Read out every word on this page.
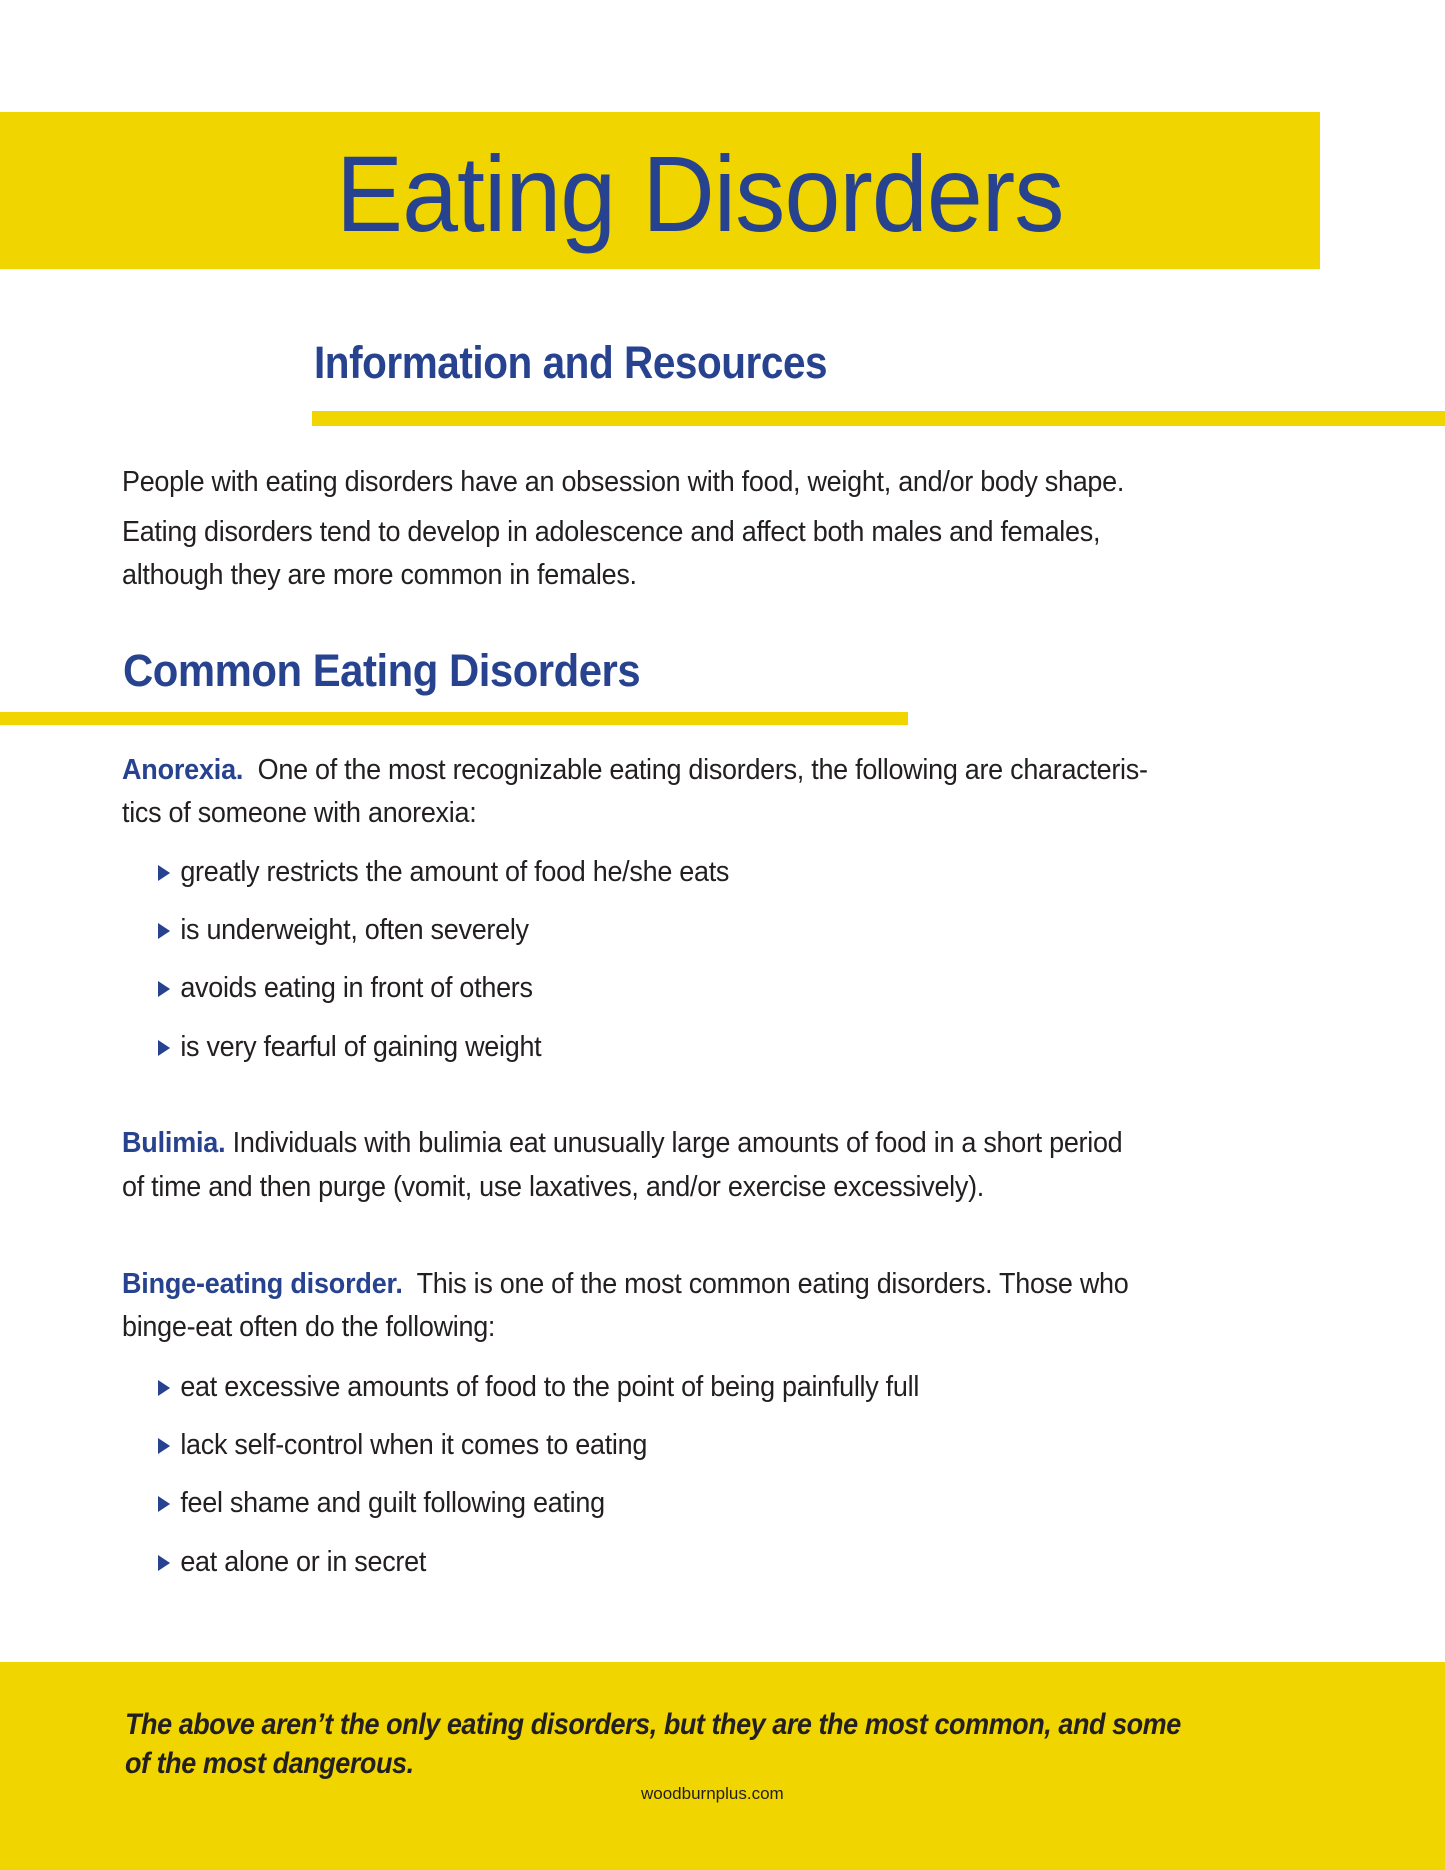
Eating Disorders
Information and Resources
People with eating disorders have an obsession with food, weight, and/or body shape.
Eating disorders tend to develop in adolescence and affect both males and females,
although they are more common in females.
Common Eating Disorders
Anorexia. One of the most recognizable eating disorders, the following are characteris-
tics of someone with anorexia:
greatly restricts the amount of food he/she eats
is underweight, often severely
avoids eating in front of others
is very fearful of gaining weight
Bulimia. Individuals with bulimia eat unusually large amounts of food in a short period
of time and then purge (vomit, use laxatives, and/or exercise excessively).
Binge-eating disorder. This is one of the most common eating disorders. Those who
binge-eat often do the following:
eat excessive amounts of food to the point of being painfully full
lack self-control when it comes to eating
feel shame and guilt following eating
eat alone or in secret
The above aren’t the only eating disorders, but they are the most common, and some
of the most dangerous.
woodburnplus.com
